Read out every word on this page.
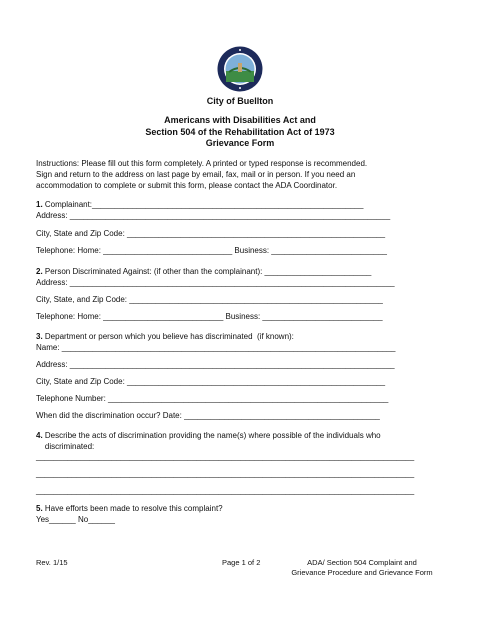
City of Buellton
Americans with Disabilities Act and
Section 504 of the Rehabilitation Act of 1973
Grievance Form
Instructions: Please fill out this form completely. A printed or typed response is recommended.
Sign and return to the address on last page by email, fax, mail or in person. If you need an
accommodation to complete or submit this form, please contact the ADA Coordinator.
1. Complainant:_____________________________________________________________
Address: ________________________________________________________________________
City, State and Zip Code: __________________________________________________________
Telephone: Home: _____________________________ Business: __________________________
2. Person Discriminated Against: (if other than the complainant): ________________________
Address: _________________________________________________________________________
City, State, and Zip Code: _________________________________________________________
Telephone: Home: ___________________________ Business: ___________________________
3. Department or person which you believe has discriminated  (if known):
Name: ___________________________________________________________________________
Address: _________________________________________________________________________
City, State and Zip Code: __________________________________________________________
Telephone Number: _______________________________________________________________
When did the discrimination occur? Date: ____________________________________________
4. Describe the acts of discrimination providing the name(s) where possible of the individuals who
discriminated:
_____________________________________________________________________________________
_____________________________________________________________________________________
_____________________________________________________________________________________
5. Have efforts been made to resolve this complaint?
Yes______ No______
Rev. 1/15	Page 1 of 2	ADA/ Section 504 Complaint and
Grievance Procedure and Grievance Form
